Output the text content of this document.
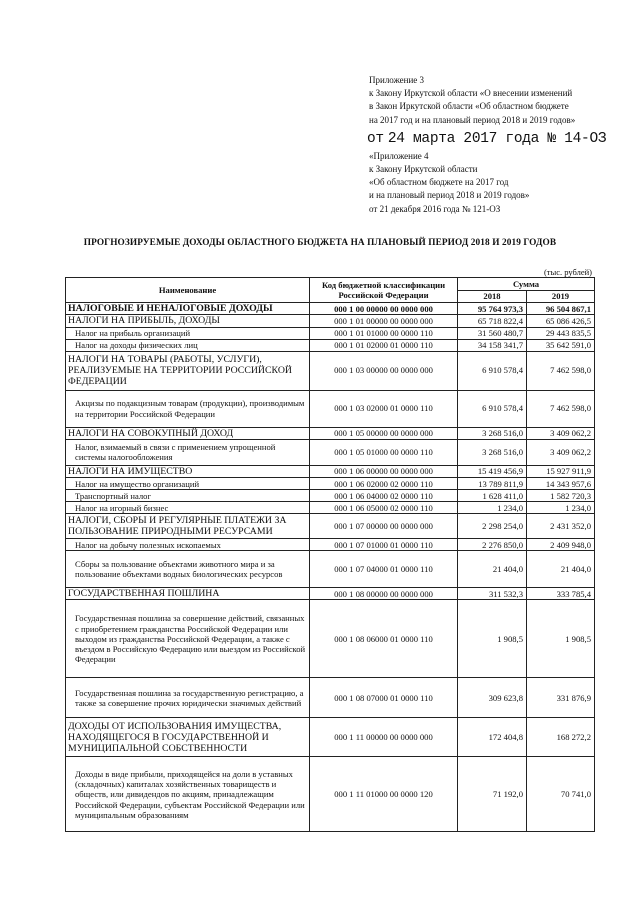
Приложение 3
к Закону Иркутской области «О внесении изменений
в Закон Иркутской области «Об областном бюджете
на 2017 год и на плановый период 2018 и 2019 годов»
от 24 марта 2017 года № 14-ОЗ
«Приложение 4
к Закону Иркутской области
«Об областном бюджете на 2017 год
и на плановый период 2018 и 2019 годов»
от 21 декабря 2016 года № 121-ОЗ
ПРОГНОЗИРУЕМЫЕ ДОХОДЫ ОБЛАСТНОГО БЮДЖЕТА НА ПЛАНОВЫЙ ПЕРИОД 2018 И 2019 ГОДОВ
(тыс. рублей)
Наименование	Код бюджетной классификации Российской Федерации	Сумма	
		2018	2019
НАЛОГОВЫЕ И НЕНАЛОГОВЫЕ ДОХОДЫ	000 1 00 00000 00 0000 000	95 764 973,3	96 504 867,1
НАЛОГИ НА ПРИБЫЛЬ, ДОХОДЫ	000 1 01 00000 00 0000 000	65 718 822,4	65 086 426,5
Налог на прибыль организаций	000 1 01 01000 00 0000 110	31 560 480,7	29 443 835,5
Налог на доходы физических лиц	000 1 01 02000 01 0000 110	34 158 341,7	35 642 591,0
НАЛОГИ НА ТОВАРЫ (РАБОТЫ, УСЛУГИ), РЕАЛИЗУЕМЫЕ НА ТЕРРИТОРИИ РОССИЙСКОЙ ФЕДЕРАЦИИ	000 1 03 00000 00 0000 000	6 910 578,4	7 462 598,0
Акцизы по подакцизным товарам (продукции), производимым на территории Российской Федерации	000 1 03 02000 01 0000 110	6 910 578,4	7 462 598,0
НАЛОГИ НА СОВОКУПНЫЙ ДОХОД	000 1 05 00000 00 0000 000	3 268 516,0	3 409 062,2
Налог, взимаемый в связи с применением упрощенной системы налогообложения	000 1 05 01000 00 0000 110	3 268 516,0	3 409 062,2
НАЛОГИ НА ИМУЩЕСТВО	000 1 06 00000 00 0000 000	15 419 456,9	15 927 911,9
Налог на имущество организаций	000 1 06 02000 02 0000 110	13 789 811,9	14 343 957,6
Транспортный налог	000 1 06 04000 02 0000 110	1 628 411,0	1 582 720,3
Налог на игорный бизнес	000 1 06 05000 02 0000 110	1 234,0	1 234,0
НАЛОГИ, СБОРЫ И РЕГУЛЯРНЫЕ ПЛАТЕЖИ ЗА ПОЛЬЗОВАНИЕ ПРИРОДНЫМИ РЕСУРСАМИ	000 1 07 00000 00 0000 000	2 298 254,0	2 431 352,0
Налог на добычу полезных ископаемых	000 1 07 01000 01 0000 110	2 276 850,0	2 409 948,0
Сборы за пользование объектами животного мира и за пользование объектами водных биологических ресурсов	000 1 07 04000 01 0000 110	21 404,0	21 404,0
ГОСУДАРСТВЕННАЯ ПОШЛИНА	000 1 08 00000 00 0000 000	311 532,3	333 785,4
Государственная пошлина за совершение действий, связанных с приобретением гражданства Российской Федерации или выходом из гражданства Российской Федерации, а также с въездом в Российскую Федерацию или выездом из Российской Федерации	000 1 08 06000 01 0000 110	1 908,5	1 908,5
Государственная пошлина за государственную регистрацию, а также за совершение прочих юридически значимых действий	000 1 08 07000 01 0000 110	309 623,8	331 876,9
ДОХОДЫ ОТ ИСПОЛЬЗОВАНИЯ ИМУЩЕСТВА, НАХОДЯЩЕГОСЯ В ГОСУДАРСТВЕННОЙ И МУНИЦИПАЛЬНОЙ СОБСТВЕННОСТИ	000 1 11 00000 00 0000 000	172 404,8	168 272,2
Доходы в виде прибыли, приходящейся на доли в уставных (складочных) капиталах хозяйственных товариществ и обществ, или дивидендов по акциям, принадлежащим Российской Федерации, субъектам Российской Федерации или муниципальным образованиям	000 1 11 01000 00 0000 120	71 192,0	70 741,0
